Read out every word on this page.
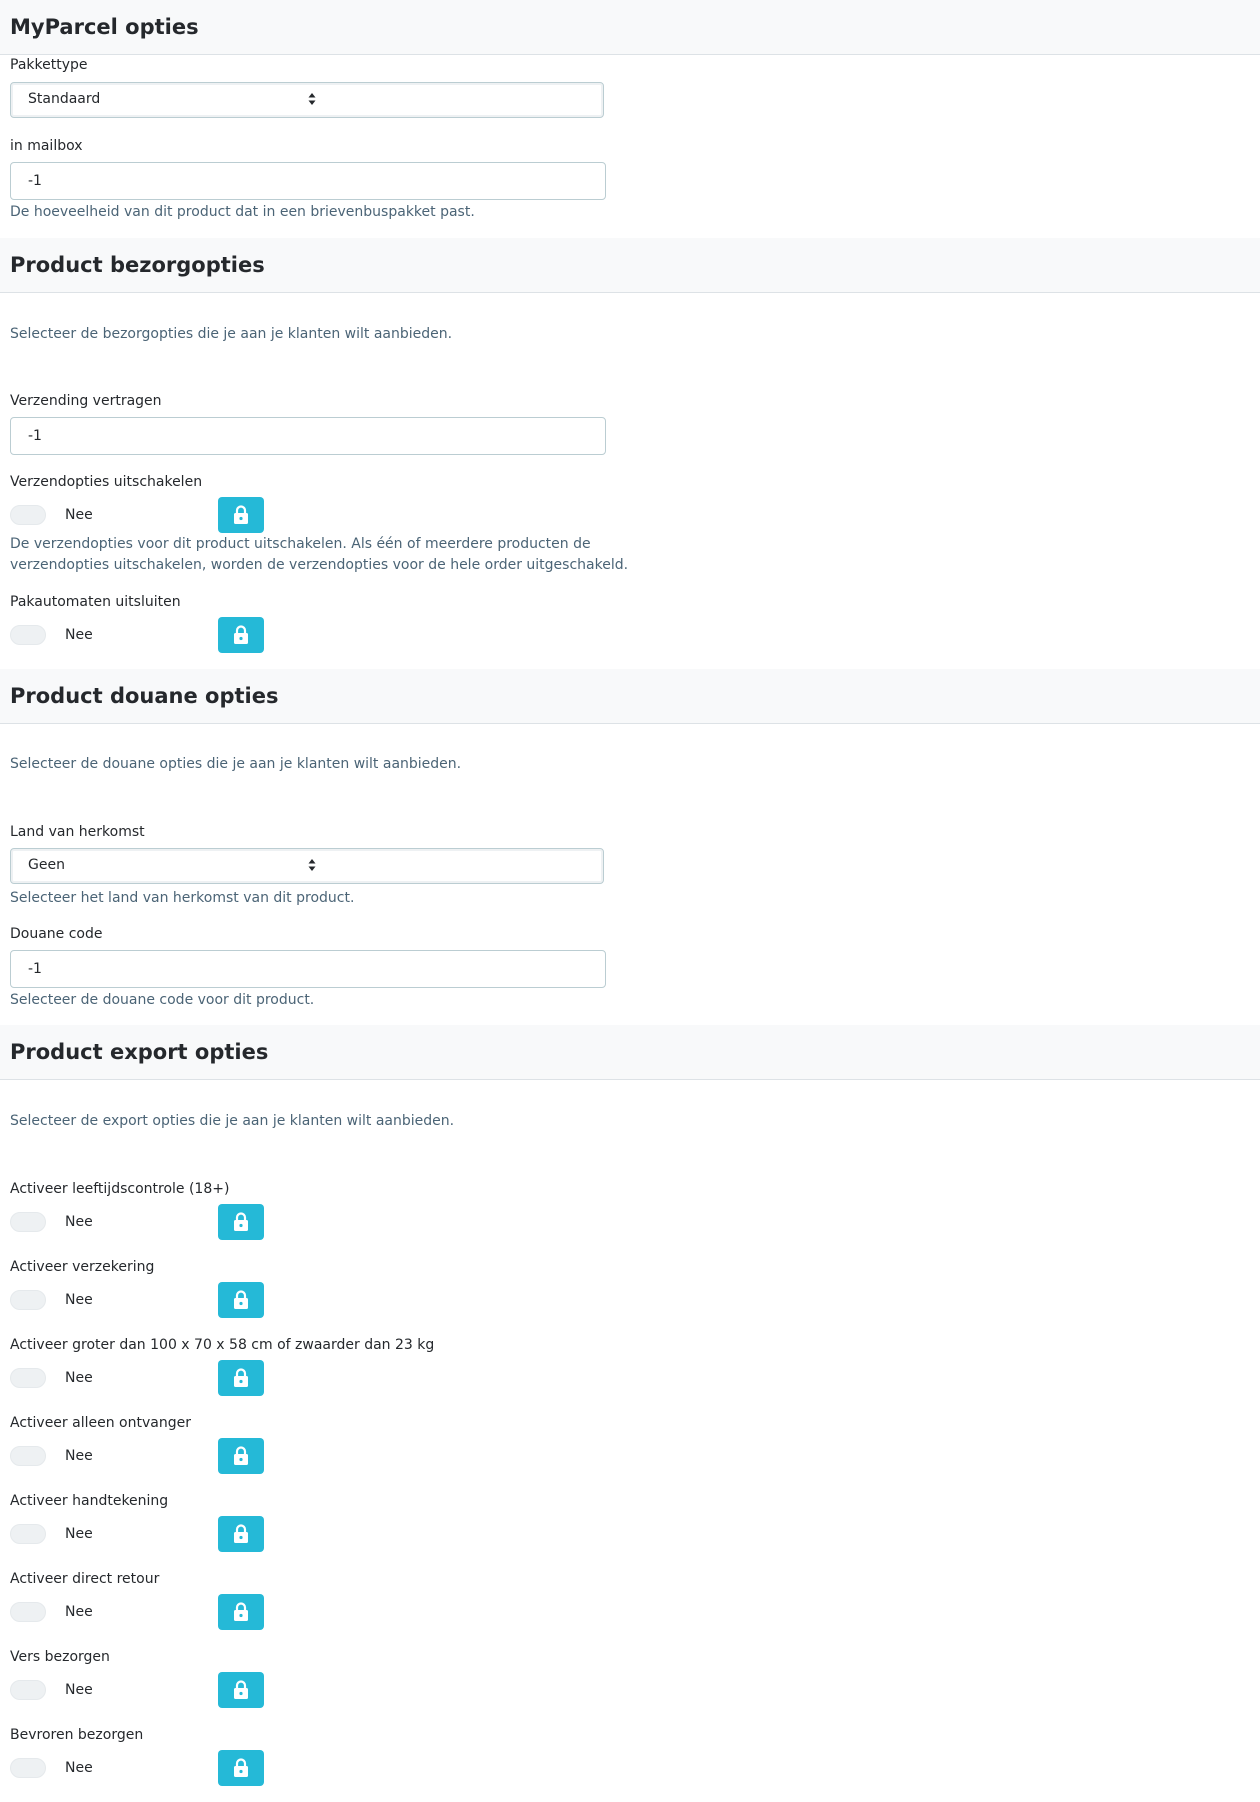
MyParcel opties
Pakkettype
Standaard
in mailbox
-1
De hoeveelheid van dit product dat in een brievenbuspakket past.
Product bezorgopties
Selecteer de bezorgopties die je aan je klanten wilt aanbieden.
Verzending vertragen
-1
Verzendopties uitschakelen
Nee
De verzendopties voor dit product uitschakelen. Als één of meerdere producten de
verzendopties uitschakelen, worden de verzendopties voor de hele order uitgeschakeld.
Pakautomaten uitsluiten
Nee
Product douane opties
Selecteer de douane opties die je aan je klanten wilt aanbieden.
Land van herkomst
Geen
Selecteer het land van herkomst van dit product.
Douane code
-1
Selecteer de douane code voor dit product.
Product export opties
Selecteer de export opties die je aan je klanten wilt aanbieden.
Activeer leeftijdscontrole (18+)
Nee
Activeer verzekering
Nee
Activeer groter dan 100 x 70 x 58 cm of zwaarder dan 23 kg
Nee
Activeer alleen ontvanger
Nee
Activeer handtekening
Nee
Activeer direct retour
Nee
Vers bezorgen
Nee
Bevroren bezorgen
Nee
